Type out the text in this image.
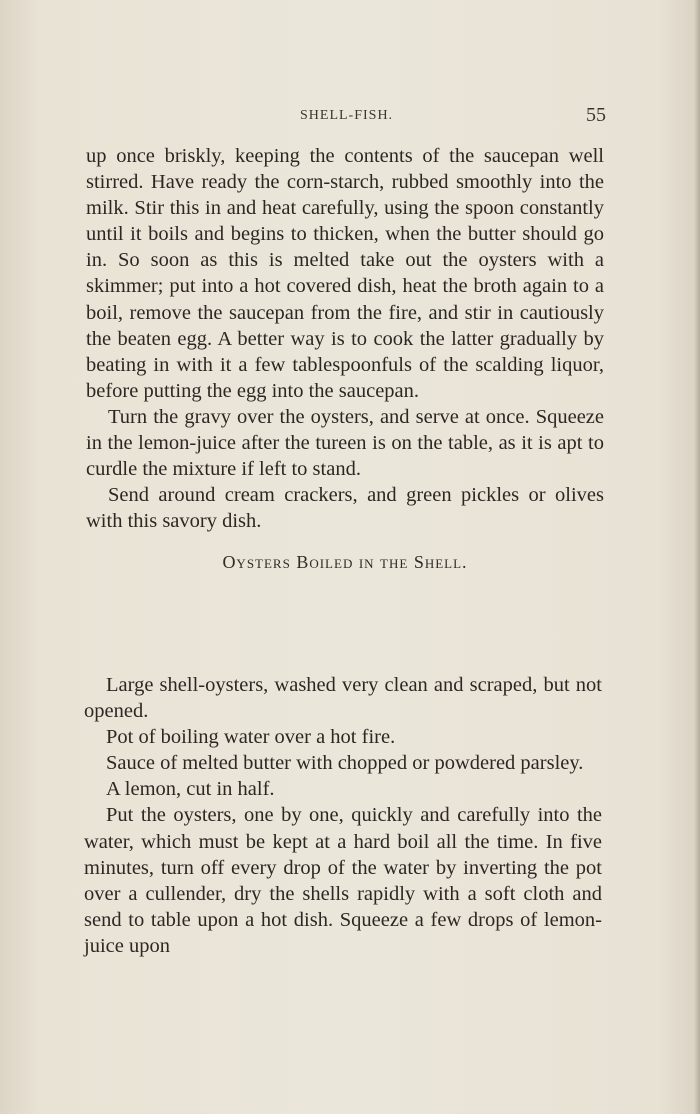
SHELL-FISH.	55

up once briskly, keeping the contents of the saucepan well stirred. Have ready the corn-starch, rubbed smoothly into the milk. Stir this in and heat carefully, using the spoon constantly until it boils and begins to thicken, when the butter should go in. So soon as this is melted take out the oysters with a skimmer; put into a hot covered dish, heat the broth again to a boil, remove the saucepan from the fire, and stir in cautiously the beaten egg. A better way is to cook the latter gradually by beating in with it a few tablespoonfuls of the scalding liquor, before putting the egg into the saucepan.

Turn the gravy over the oysters, and serve at once. Squeeze in the lemon-juice after the tureen is on the table, as it is apt to curdle the mixture if left to stand.

Send around cream crackers, and green pickles or olives with this savory dish.

Oysters Boiled in the Shell.

Large shell-oysters, washed very clean and scraped, but not opened.

Pot of boiling water over a hot fire.

Sauce of melted butter with chopped or powdered parsley.

A lemon, cut in half.

Put the oysters, one by one, quickly and carefully into the water, which must be kept at a hard boil all the time. In five minutes, turn off every drop of the water by inverting the pot over a cullender, dry the shells rapidly with a soft cloth and send to table upon a hot dish. Squeeze a few drops of lemon-juice upon
